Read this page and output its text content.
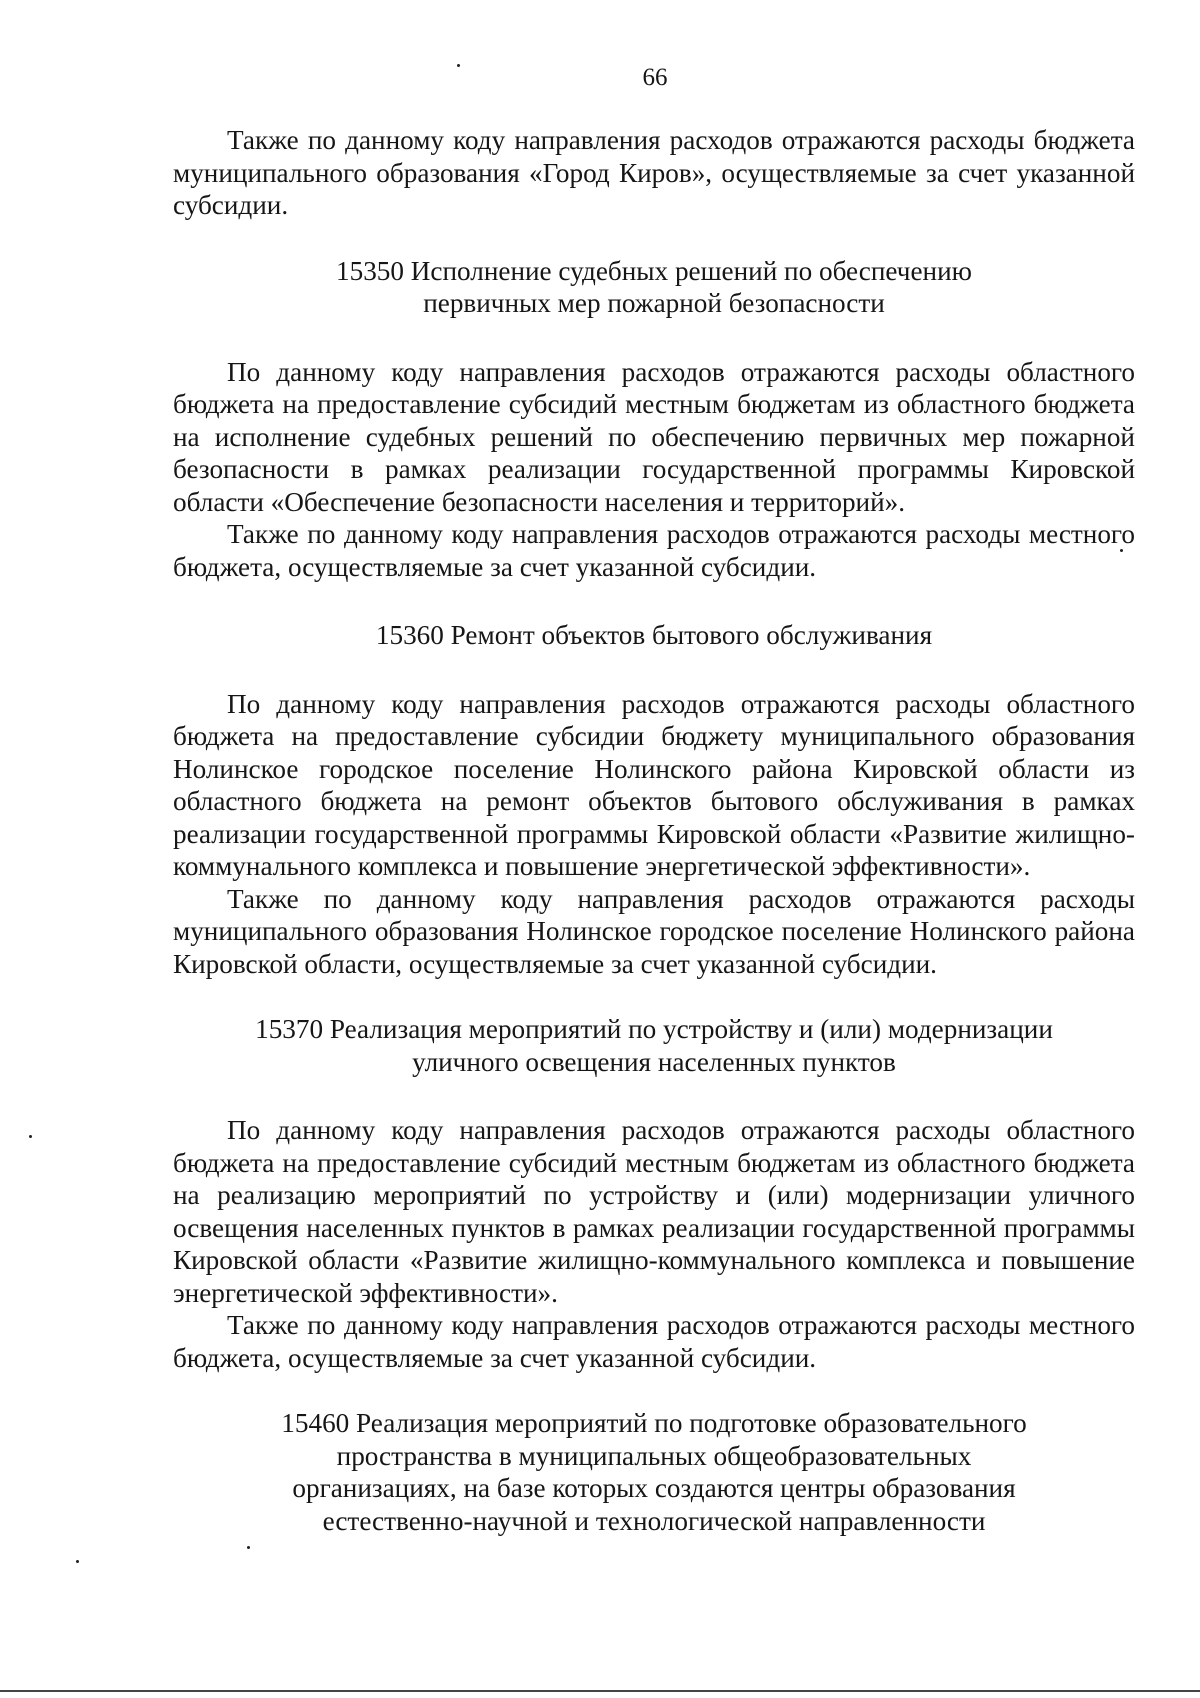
66

Также по данному коду направления расходов отражаются расходы бюджета муниципального образования «Город Киров», осуществляемые за счет указанной субсидии.

15350 Исполнение судебных решений по обеспечению
первичных мер пожарной безопасности

По данному коду направления расходов отражаются расходы областного бюджета на предоставление субсидий местным бюджетам из областного бюджета на исполнение судебных решений по обеспечению первичных мер пожарной безопасности в рамках реализации государственной программы Кировской области «Обеспечение безопасности населения и территорий».

Также по данному коду направления расходов отражаются расходы местного бюджета, осуществляемые за счет указанной субсидии.

15360 Ремонт объектов бытового обслуживания

По данному коду направления расходов отражаются расходы областного бюджета на предоставление субсидии бюджету муниципального образования Нолинское городское поселение Нолинского района Кировской области из областного бюджета на ремонт объектов бытового обслуживания в рамках реализации государственной программы Кировской области «Развитие жилищно-коммунального комплекса и повышение энергетической эффективности».

Также по данному коду направления расходов отражаются расходы муниципального образования Нолинское городское поселение Нолинского района Кировской области, осуществляемые за счет указанной субсидии.

15370 Реализация мероприятий по устройству и (или) модернизации
уличного освещения населенных пунктов

По данному коду направления расходов отражаются расходы областного бюджета на предоставление субсидий местным бюджетам из областного бюджета на реализацию мероприятий по устройству и (или) модернизации уличного освещения населенных пунктов в рамках реализации государственной программы Кировской области «Развитие жилищно-коммунального комплекса и повышение энергетической эффективности».

Также по данному коду направления расходов отражаются расходы местного бюджета, осуществляемые за счет указанной субсидии.

15460 Реализация мероприятий по подготовке образовательного
пространства в муниципальных общеобразовательных
организациях, на базе которых создаются центры образования
естественно-научной и технологической направленности
